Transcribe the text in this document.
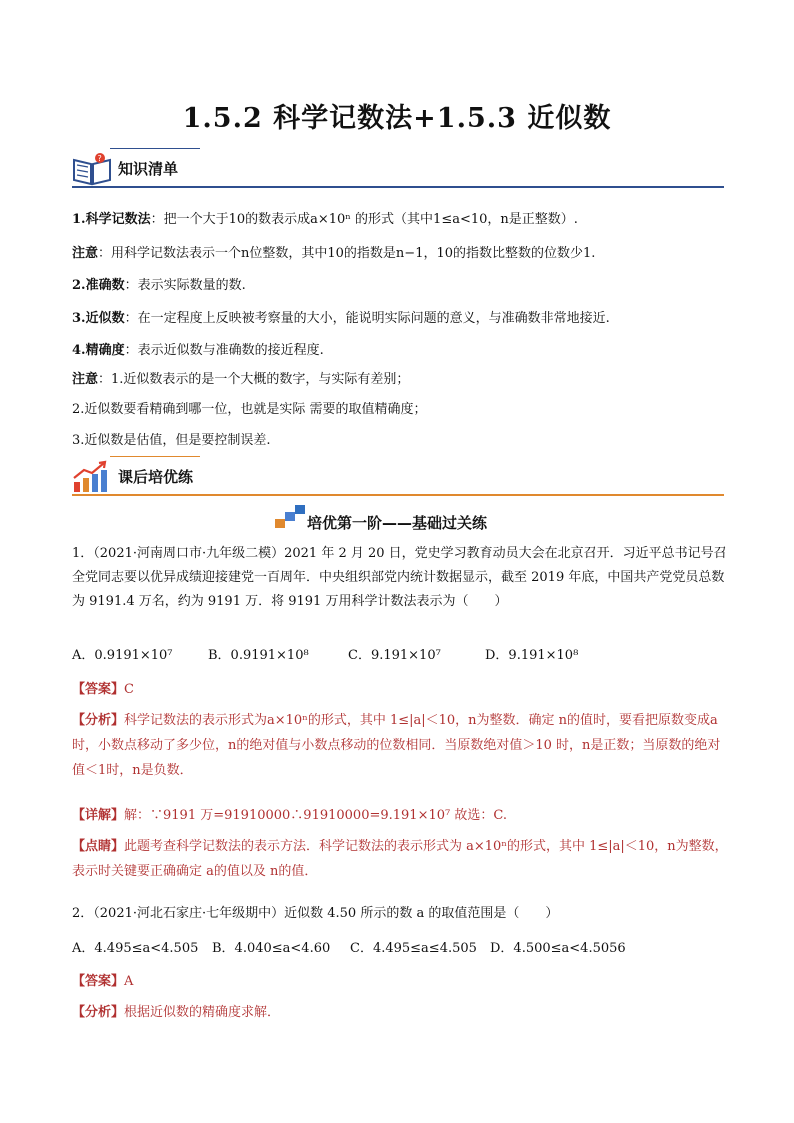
1.5.2 科学记数法+1.5.3 近似数
?
知识清单
1.科学记数法：把一个大于10的数表示成a×10ⁿ 的形式（其中1≤a<10，n是正整数）.
注意：用科学记数法表示一个n位整数，其中10的指数是n−1，10的指数比整数的位数少1.
2.准确数：表示实际数量的数.
3.近似数：在一定程度上反映被考察量的大小，能说明实际问题的意义，与准确数非常地接近.
4.精确度：表示近似数与准确数的接近程度.
注意：1.近似数表示的是一个大概的数字，与实际有差别；
2.近似数要看精确到哪一位，也就是实际 需要的取值精确度；
3.近似数是估值，但是要控制误差.
课后培优练
培优第一阶——基础过关练
1．（2021·河南周口市·九年级二模）2021 年 2 月 20 日，党史学习教育动员大会在北京召开．习近平总书记号召全党同志要以优异成绩迎接建党一百周年．中央组织部党内统计数据显示，截至 2019 年底，中国共产党党员总数为 9191.4 万名，约为 9191 万．将 9191 万用科学计数法表示为（　　）
A．0.9191×10⁷	B．0.9191×10⁸	C．9.191×10⁷	D．9.191×10⁸
【答案】C
【分析】科学记数法的表示形式为a×10ⁿ的形式，其中 1≤|a|＜10，n为整数．确定 n的值时，要看把原数变成a时，小数点移动了多少位，n的绝对值与小数点移动的位数相同．当原数绝对值＞10 时，n是正数；当原数的绝对值＜1时，n是负数．
【详解】解：∵9191 万=91910000∴91910000=9.191×10⁷ 故选：C.
【点睛】此题考查科学记数法的表示方法．科学记数法的表示形式为 a×10ⁿ的形式，其中 1≤|a|＜10，n为整数，表示时关键要正确确定 a的值以及 n的值．
2．（2021·河北石家庄·七年级期中）近似数 4.50 所示的数 a 的取值范围是（　　）
A．4.495≤a<4.505 B．4.040≤a<4.60 C．4.495≤a≤4.505 D．4.500≤a<4.5056
【答案】A
【分析】根据近似数的精确度求解．
